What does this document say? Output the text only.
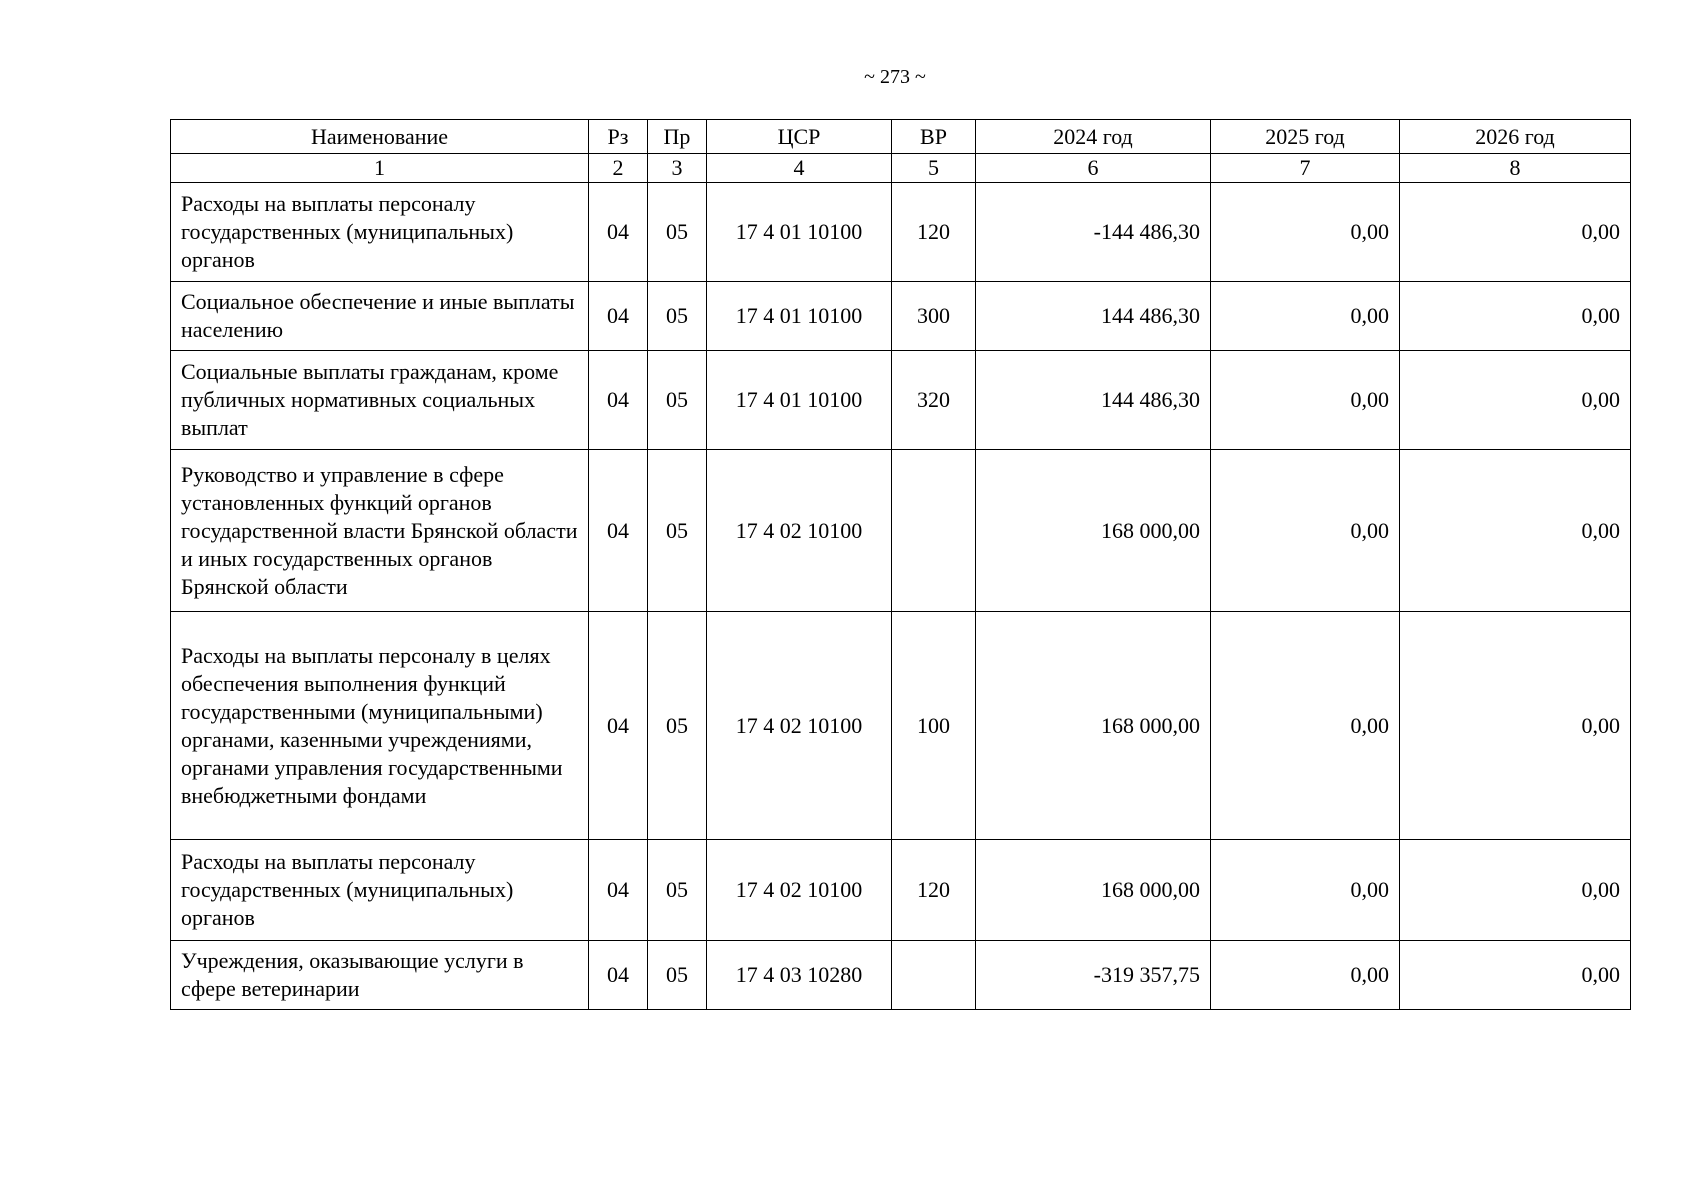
~ 273 ~
Наименование	Рз	Пр	ЦСР	ВР	2024 год	2025 год	2026 год
1	2	3	4	5	6	7	8
Расходы на выплаты персоналу государственных (муниципальных) органов	04	05	17 4 01 10100	120	-144 486,30	0,00	0,00
Социальное обеспечение и иные выплаты населению	04	05	17 4 01 10100	300	144 486,30	0,00	0,00
Социальные выплаты гражданам, кроме публичных нормативных социальных выплат	04	05	17 4 01 10100	320	144 486,30	0,00	0,00
Руководство и управление в сфере установленных функций органов государственной власти Брянской области и иных государственных органов Брянской области	04	05	17 4 02 10100		168 000,00	0,00	0,00
Расходы на выплаты персоналу в целях обеспечения выполнения функций государственными (муниципальными) органами, казенными учреждениями, органами управления государственными внебюджетными фондами	04	05	17 4 02 10100	100	168 000,00	0,00	0,00
Расходы на выплаты персоналу государственных (муниципальных) органов	04	05	17 4 02 10100	120	168 000,00	0,00	0,00
Учреждения, оказывающие услуги в сфере ветеринарии	04	05	17 4 03 10280		-319 357,75	0,00	0,00
